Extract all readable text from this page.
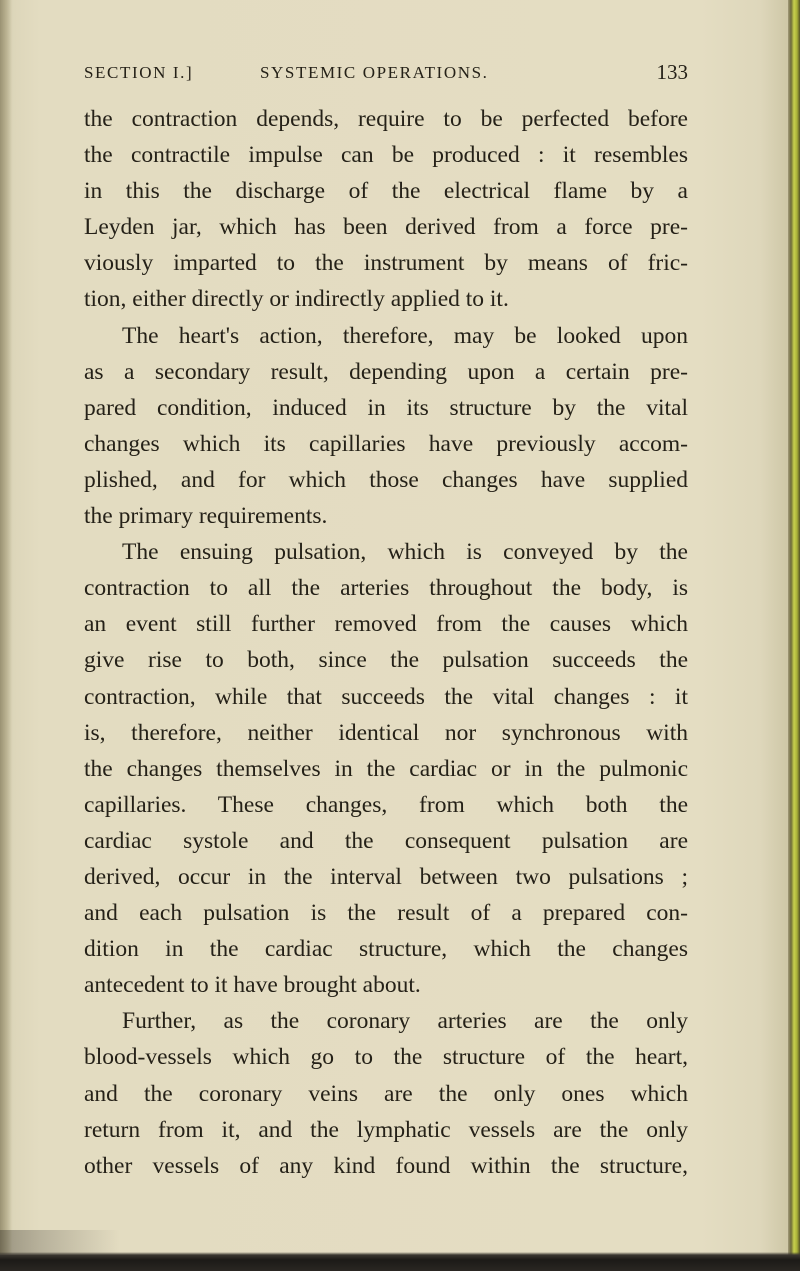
SECTION I.]	SYSTEMIC OPERATIONS.	133
the contraction depends, require to be perfected before
the contractile impulse can be produced : it resembles
in this the discharge of the electrical flame by a
Leyden jar, which has been derived from a force pre-
viously imparted to the instrument by means of fric-
tion, either directly or indirectly applied to it.
The heart's action, therefore, may be looked upon
as a secondary result, depending upon a certain pre-
pared condition, induced in its structure by the vital
changes which its capillaries have previously accom-
plished, and for which those changes have supplied
the primary requirements.
The ensuing pulsation, which is conveyed by the
contraction to all the arteries throughout the body, is
an event still further removed from the causes which
give rise to both, since the pulsation succeeds the
contraction, while that succeeds the vital changes : it
is, therefore, neither identical nor synchronous with
the changes themselves in the cardiac or in the pulmonic
capillaries. These changes, from which both the
cardiac systole and the consequent pulsation are
derived, occur in the interval between two pulsations ;
and each pulsation is the result of a prepared con-
dition in the cardiac structure, which the changes
antecedent to it have brought about.
Further, as the coronary arteries are the only
blood-vessels which go to the structure of the heart,
and the coronary veins are the only ones which
return from it, and the lymphatic vessels are the only
other vessels of any kind found within the structure,
